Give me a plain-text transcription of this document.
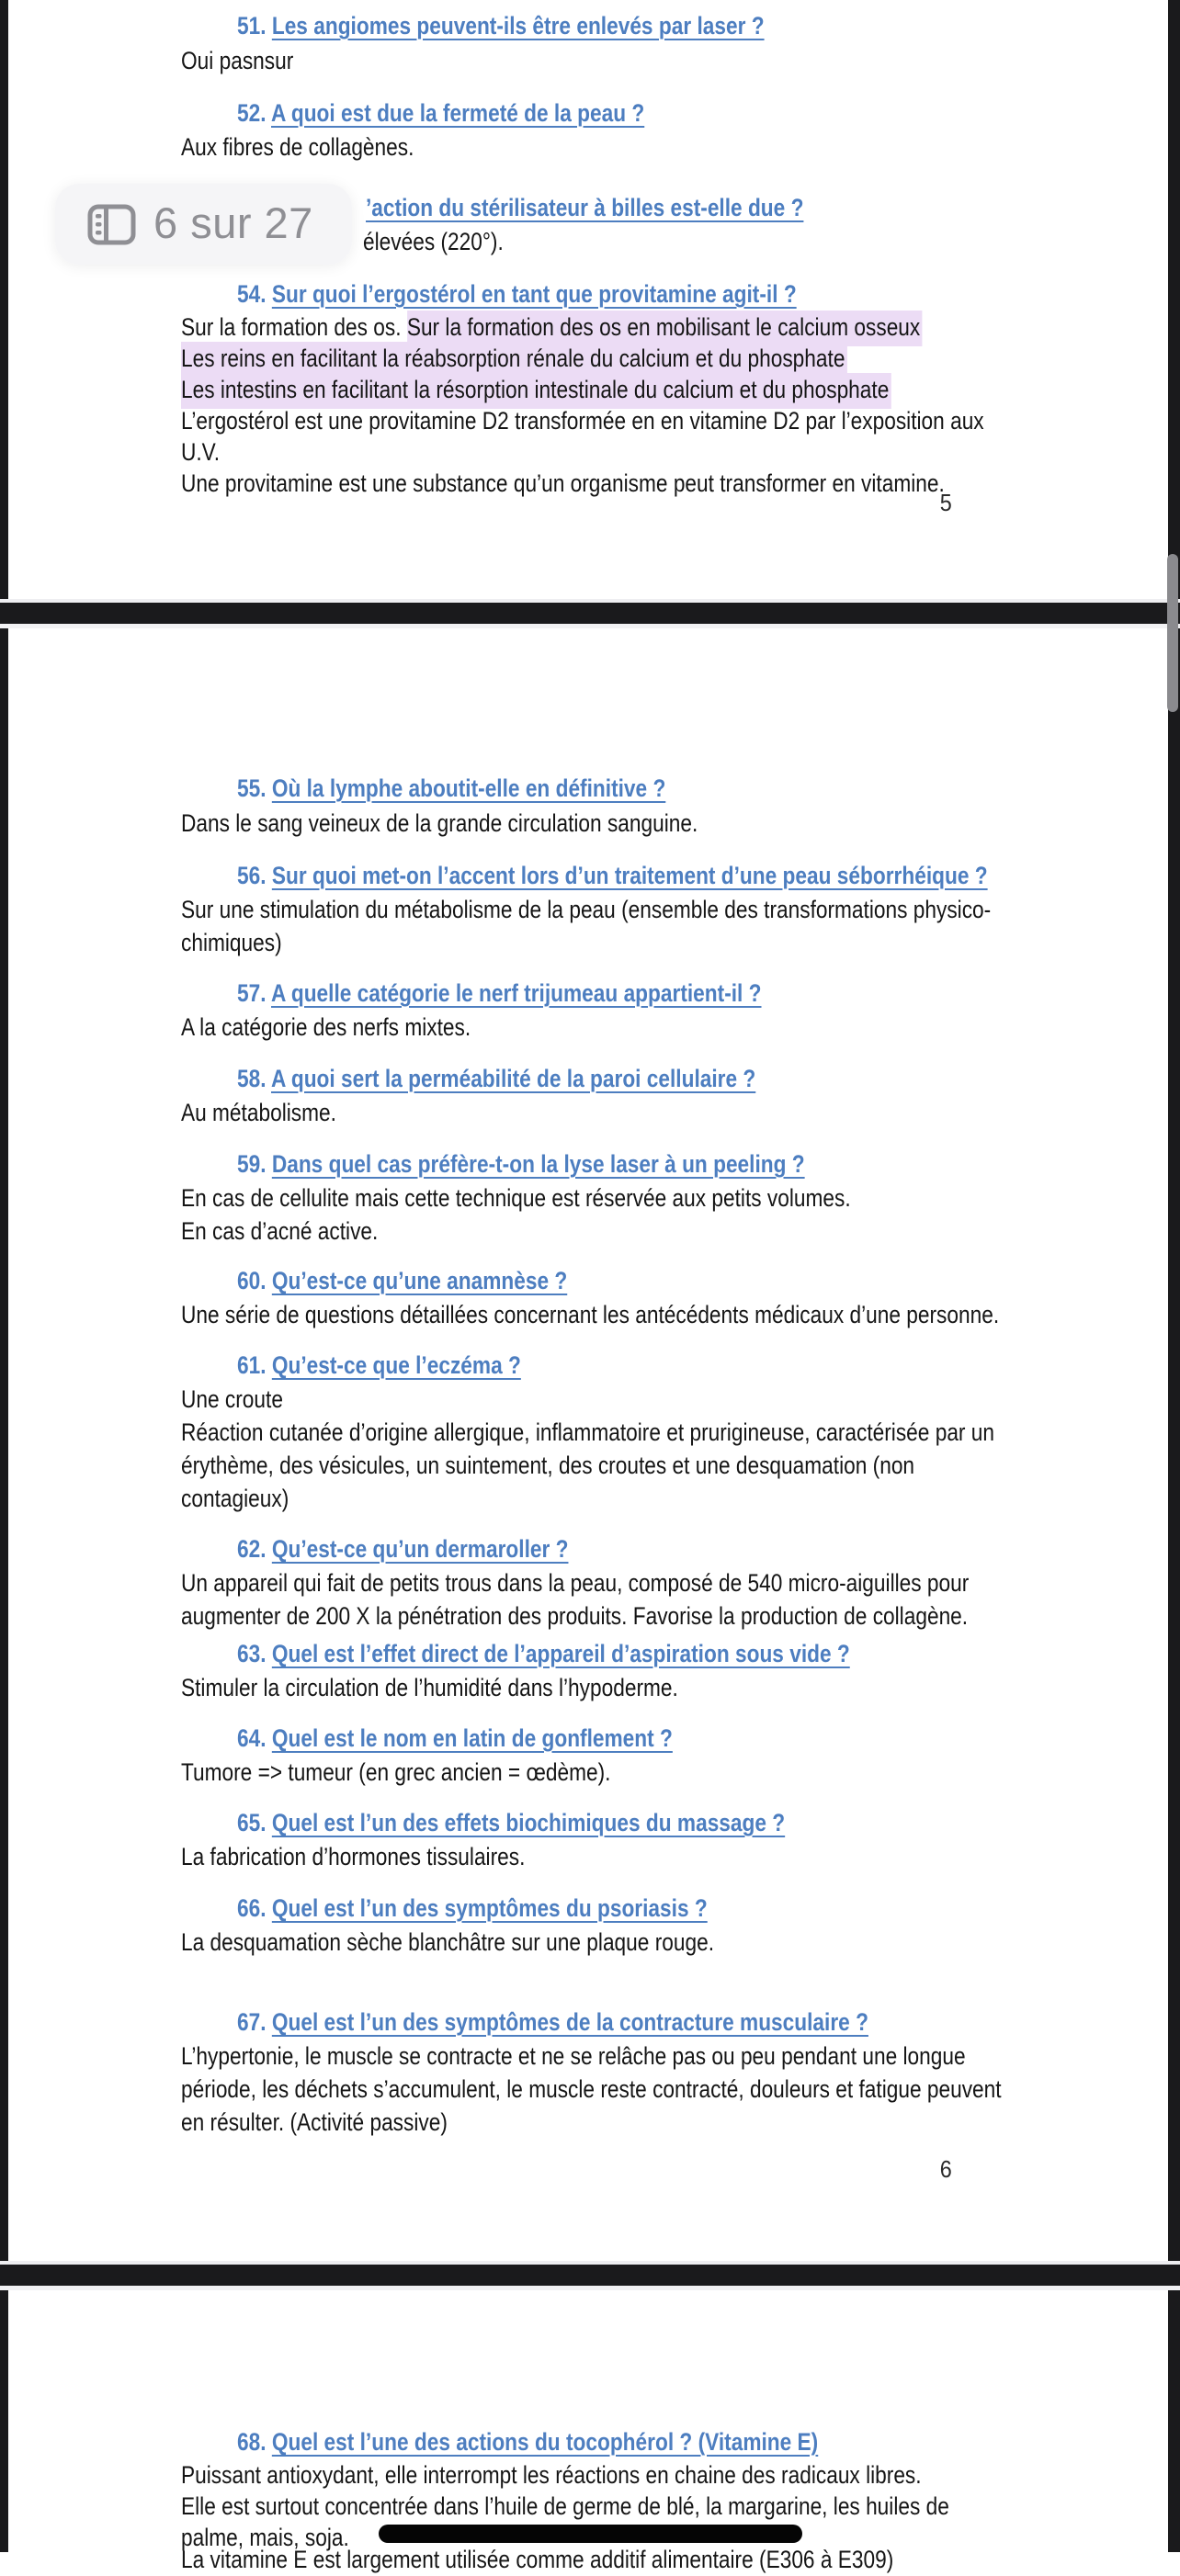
51. Les angiomes peuvent-ils être enlevés par laser ?
Oui pasnsur
52. A quoi est due la fermeté de la peau ?
Aux fibres de collagènes.
’action du stérilisateur à billes est-elle due ?
élevées (220°).
54. Sur quoi l’ergostérol en tant que provitamine agit-il ?
Sur la formation des os. Sur la formation des os en mobilisant le calcium osseux
Les reins en facilitant la réabsorption rénale du calcium et du phosphate
Les intestins en facilitant la résorption intestinale du calcium et du phosphate
L’ergostérol est une provitamine D2 transformée en en vitamine D2 par l’exposition aux
U.V.
Une provitamine est une substance qu’un organisme peut transformer en vitamine.
55. Où la lymphe aboutit-elle en définitive ?
Dans le sang veineux de la grande circulation sanguine.
56. Sur quoi met-on l’accent lors d’un traitement d’une peau séborrhéique ?
Sur une stimulation du métabolisme de la peau (ensemble des transformations physico-
chimiques)
57. A quelle catégorie le nerf trijumeau appartient-il ?
A la catégorie des nerfs mixtes.
58. A quoi sert la perméabilité de la paroi cellulaire ?
Au métabolisme.
59. Dans quel cas préfère-t-on la lyse laser à un peeling ?
En cas de cellulite mais cette technique est réservée aux petits volumes.
En cas d’acné active.
60. Qu’est-ce qu’une anamnèse ?
Une série de questions détaillées concernant les antécédents médicaux d’une personne.
61. Qu’est-ce que l’eczéma ?
Une croute
Réaction cutanée d’origine allergique, inflammatoire et prurigineuse, caractérisée par un
érythème, des vésicules, un suintement, des croutes et une desquamation (non
contagieux)
62. Qu’est-ce qu’un dermaroller ?
Un appareil qui fait de petits trous dans la peau, composé de 540 micro-aiguilles pour
augmenter de 200 X la pénétration des produits. Favorise la production de collagène.
63. Quel est l’effet direct de l’appareil d’aspiration sous vide ?
Stimuler la circulation de l’humidité dans l’hypoderme.
64. Quel est le nom en latin de gonflement ?
Tumore => tumeur (en grec ancien = œdème).
65. Quel est l’un des effets biochimiques du massage ?
La fabrication d’hormones tissulaires.
66. Quel est l’un des symptômes du psoriasis ?
La desquamation sèche blanchâtre sur une plaque rouge.
67. Quel est l’un des symptômes de la contracture musculaire ?
L’hypertonie, le muscle se contracte et ne se relâche pas ou peu pendant une longue
période, les déchets s’accumulent, le muscle reste contracté, douleurs et fatigue peuvent
en résulter. (Activité passive)
68. Quel est l’une des actions du tocophérol ? (Vitamine E)
Puissant antioxydant, elle interrompt les réactions en chaine des radicaux libres.
Elle est surtout concentrée dans l’huile de germe de blé, la margarine, les huiles de
palme, mais, soja.
La vitamine E est largement utilisée comme additif alimentaire (E306 à E309)
5
6
6 sur 27
